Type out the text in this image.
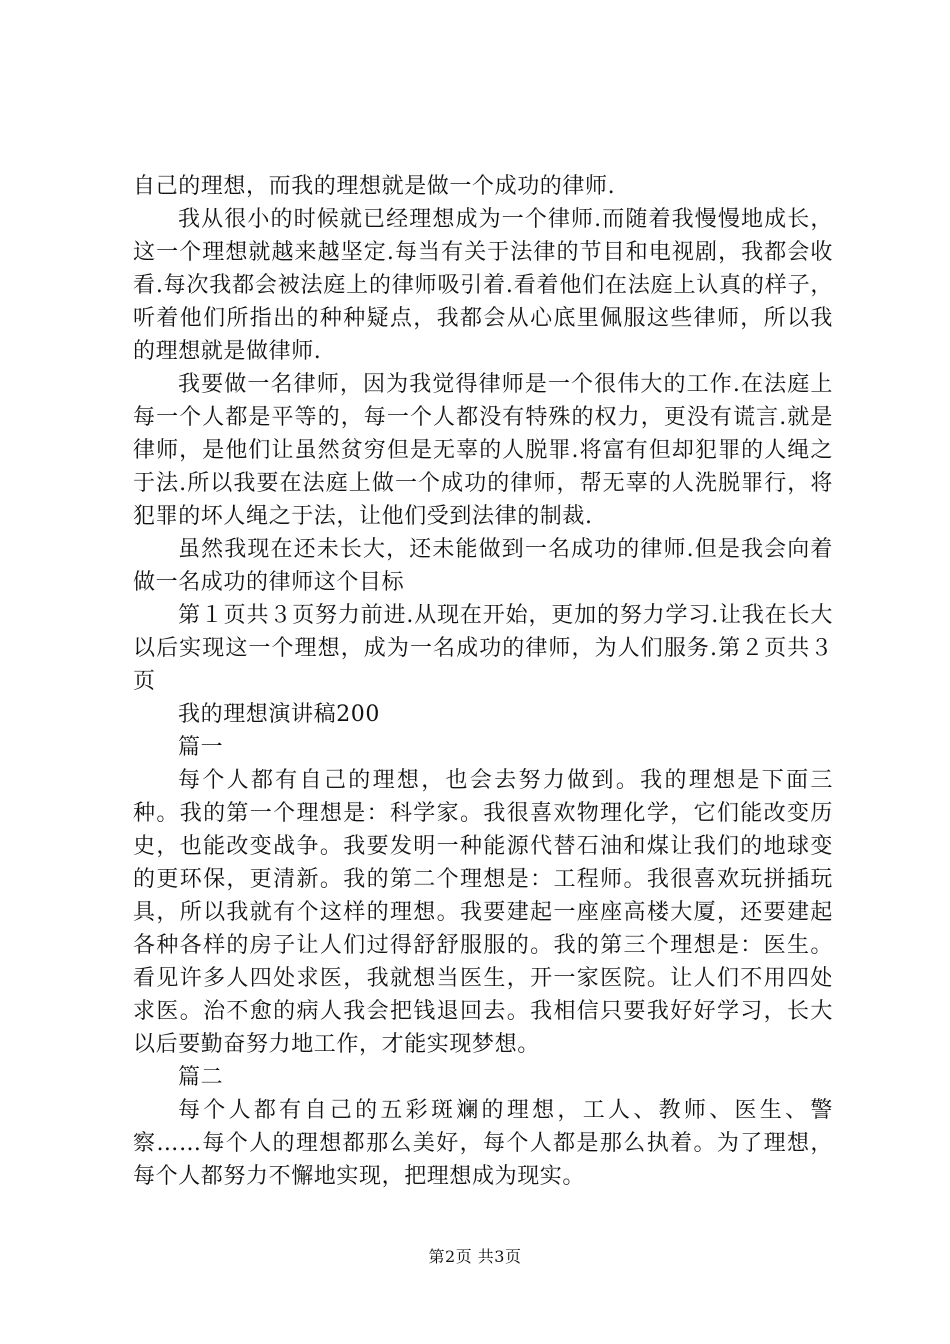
自己的理想，而我的理想就是做一个成功的律师.

我从很小的时候就已经理想成为一个律师.而随着我慢慢地成长，这一个理想就越来越坚定.每当有关于法律的节目和电视剧，我都会收看.每次我都会被法庭上的律师吸引着.看着他们在法庭上认真的样子，听着他们所指出的种种疑点，我都会从心底里佩服这些律师，所以我的理想就是做律师.

我要做一名律师，因为我觉得律师是一个很伟大的工作.在法庭上每一个人都是平等的，每一个人都没有特殊的权力，更没有谎言.就是律师，是他们让虽然贫穷但是无辜的人脱罪.将富有但却犯罪的人绳之于法.所以我要在法庭上做一个成功的律师，帮无辜的人洗脱罪行，将犯罪的坏人绳之于法，让他们受到法律的制裁.

虽然我现在还未长大，还未能做到一名成功的律师.但是我会向着做一名成功的律师这个目标

第１页共３页努力前进.从现在开始，更加的努力学习.让我在长大以后实现这一个理想，成为一名成功的律师，为人们服务.第２页共３页

我的理想演讲稿200

篇一

每个人都有自己的理想，也会去努力做到。我的理想是下面三种。我的第一个理想是：科学家。我很喜欢物理化学，它们能改变历史，也能改变战争。我要发明一种能源代替石油和煤让我们的地球变的更环保，更清新。我的第二个理想是：工程师。我很喜欢玩拼插玩具，所以我就有个这样的理想。我要建起一座座高楼大厦，还要建起各种各样的房子让人们过得舒舒服服的。我的第三个理想是：医生。看见许多人四处求医，我就想当医生，开一家医院。让人们不用四处求医。治不愈的病人我会把钱退回去。我相信只要我好好学习，长大以后要勤奋努力地工作，才能实现梦想。

篇二

每个人都有自己的五彩斑斓的理想，工人、教师、医生、警察……每个人的理想都那么美好，每个人都是那么执着。为了理想，每个人都努力不懈地实现，把理想成为现实。

第2页 共3页
